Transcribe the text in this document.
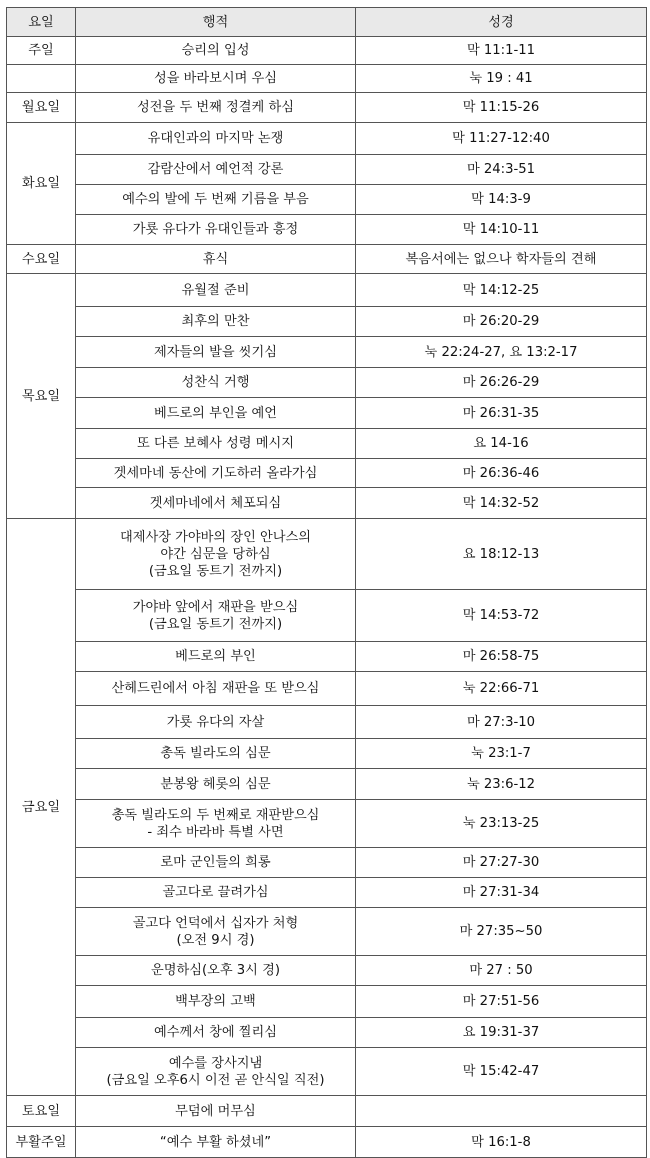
요일	행적	성경
주일	승리의 입성	막 11:1-11

	성을 바라보시며 우심	눅 19 : 41
월요일	성전을 두 번째 정결케 하심	막 11:15-26
화요일	유대인과의 마지막 논쟁	막 11:27-12:40

	감람산에서 예언적 강론	마 24:3-51

	예수의 발에 두 번째 기름을 부음	막 14:3-9

	가룟 유다가 유대인들과 흥정	막 14:10-11
수요일	휴식	복음서에는 없으나 학자들의 견해
목요일	유월절 준비	막 14:12-25

	최후의 만찬	마 26:20-29

	제자들의 발을 씻기심	눅 22:24-27, 요 13:2-17

	성찬식 거행	마 26:26-29

	베드로의 부인을 예언	마 26:31-35

	또 다른 보혜사 성령 메시지	요 14-16

	겟세마네 동산에 기도하러 올라가심	마 26:36-46

	겟세마네에서 체포되심	막 14:32-52
금요일	대제사장 가야바의 장인 안나스의
야간 심문을 당하심
(금요일 동트기 전까지)	요 18:12-13

	가야바 앞에서 재판을 받으심
(금요일 동트기 전까지)	막 14:53-72

	베드로의 부인	마 26:58-75

	산헤드린에서 아침 재판을 또 받으심	눅 22:66-71

	가룟 유다의 자살	마 27:3-10

	총독 빌라도의 심문	눅 23:1-7

	분봉왕 헤롯의 심문	눅 23:6-12

	총독 빌라도의 두 번째로 재판받으심
- 죄수 바라바 특별 사면	눅 23:13-25

	로마 군인들의 희롱	마 27:27-30

	골고다로 끌려가심	마 27:31-34

	골고다 언덕에서 십자가 처형
(오전 9시 경)	마 27:35~50

	운명하심(오후 3시 경)	마 27 : 50

	백부장의 고백	마 27:51-56

	예수께서 창에 찔리심	요 19:31-37

	예수를 장사지냄
(금요일 오후6시 이전 곧 안식일 직전)	막 15:42-47
토요일	무덤에 머무심	

부활주일	“예수 부활 하셨네”	막 16:1-8
